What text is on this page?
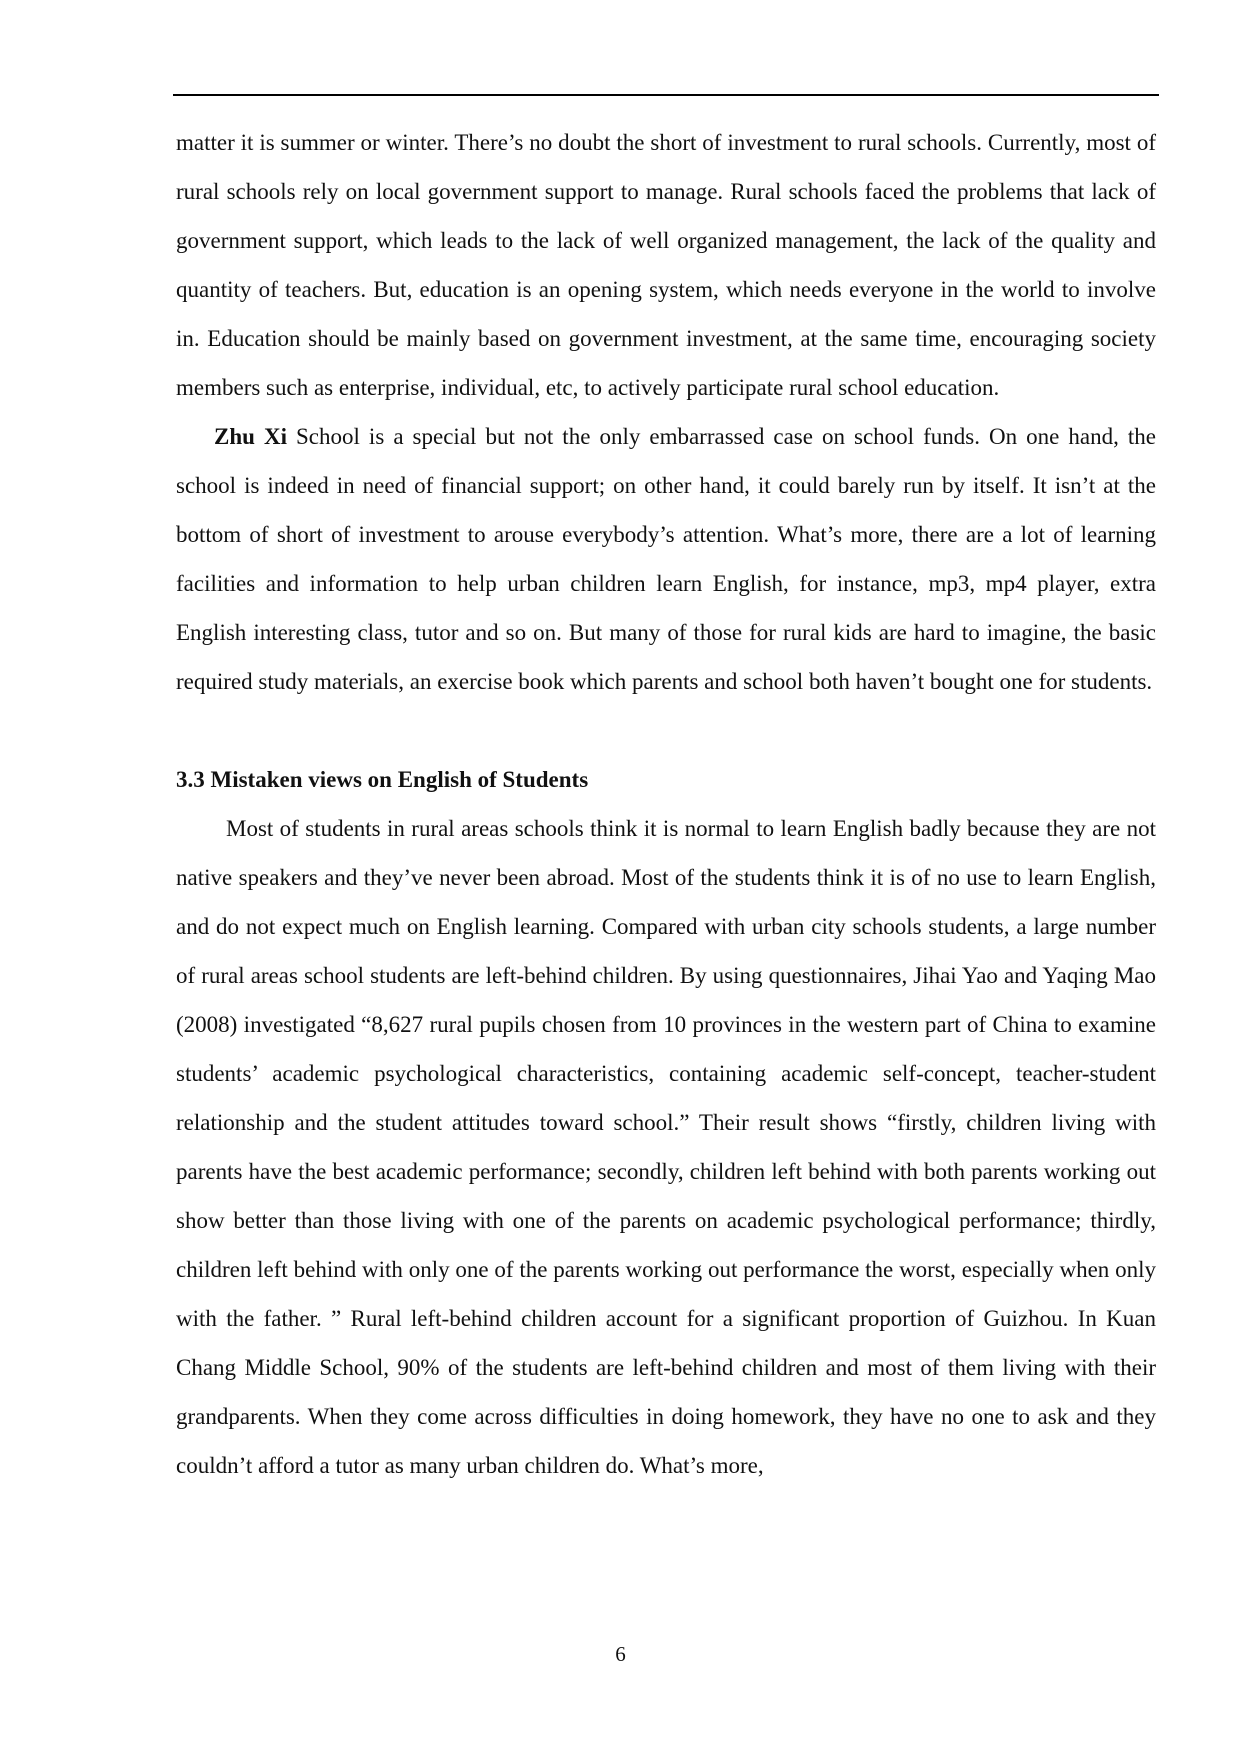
matter it is summer or winter. There’s no doubt the short of investment to rural schools. Currently, most of rural schools rely on local government support to manage. Rural schools faced the problems that lack of government support, which leads to the lack of well organized management, the lack of the quality and quantity of teachers. But, education is an opening system, which needs everyone in the world to involve in. Education should be mainly based on government investment, at the same time, encouraging society members such as enterprise, individual, etc, to actively participate rural school education.

Zhu Xi School is a special but not the only embarrassed case on school funds. On one hand, the school is indeed in need of financial support; on other hand, it could barely run by itself. It isn’t at the bottom of short of investment to arouse everybody’s attention. What’s more, there are a lot of learning facilities and information to help urban children learn English, for instance, mp3, mp4 player, extra English interesting class, tutor and so on. But many of those for rural kids are hard to imagine, the basic required study materials, an exercise book which parents and school both haven’t bought one for students.

3.3 Mistaken views on English of Students

Most of students in rural areas schools think it is normal to learn English badly because they are not native speakers and they’ve never been abroad. Most of the students think it is of no use to learn English, and do not expect much on English learning. Compared with urban city schools students, a large number of rural areas school students are left-behind children. By using questionnaires, Jihai Yao and Yaqing Mao (2008) investigated “8,627 rural pupils chosen from 10 provinces in the western part of China to examine students’ academic psychological characteristics, containing academic self-concept, teacher-student relationship and the student attitudes toward school.” Their result shows “firstly, children living with parents have the best academic performance; secondly, children left behind with both parents working out show better than those living with one of the parents on academic psychological performance; thirdly, children left behind with only one of the parents working out performance the worst, especially when only with the father. ” Rural left-behind children account for a significant proportion of Guizhou. In Kuan Chang Middle School, 90% of the students are left-behind children and most of them living with their grandparents. When they come across difficulties in doing homework, they have no one to ask and they couldn’t afford a tutor as many urban children do. What’s more,

6
